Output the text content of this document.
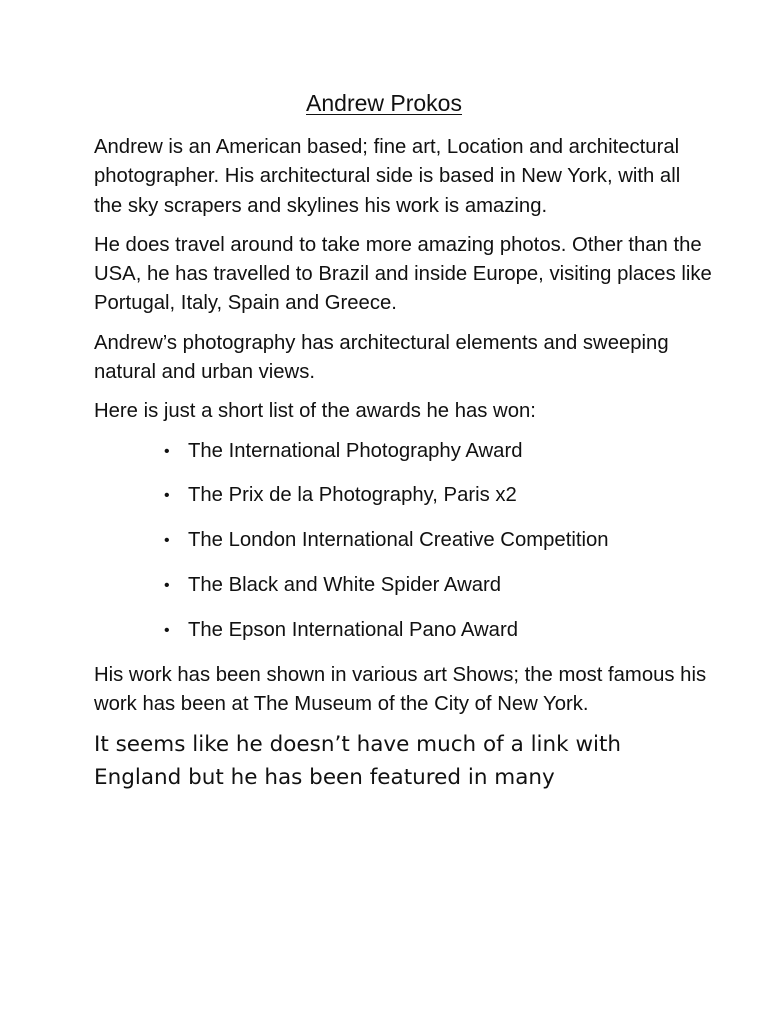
Andrew Prokos

Andrew is an American based; fine art, Location and architectural photographer. His architectural side is based in New York, with all the sky scrapers and skylines his work is amazing.

He does travel around to take more amazing photos. Other than the USA, he has travelled to Brazil and inside Europe, visiting places like Portugal, Italy, Spain and Greece.

Andrew’s photography has architectural elements and sweeping natural and urban views.

Here is just a short list of the awards he has won:

• The International Photography Award
• The Prix de la Photography, Paris x2
• The London International Creative Competition
• The Black and White Spider Award
• The Epson International Pano Award

His work has been shown in various art Shows; the most famous his work has been at The Museum of the City of New York.

It seems like he doesn’t have much of a link with England but he has been featured in many
